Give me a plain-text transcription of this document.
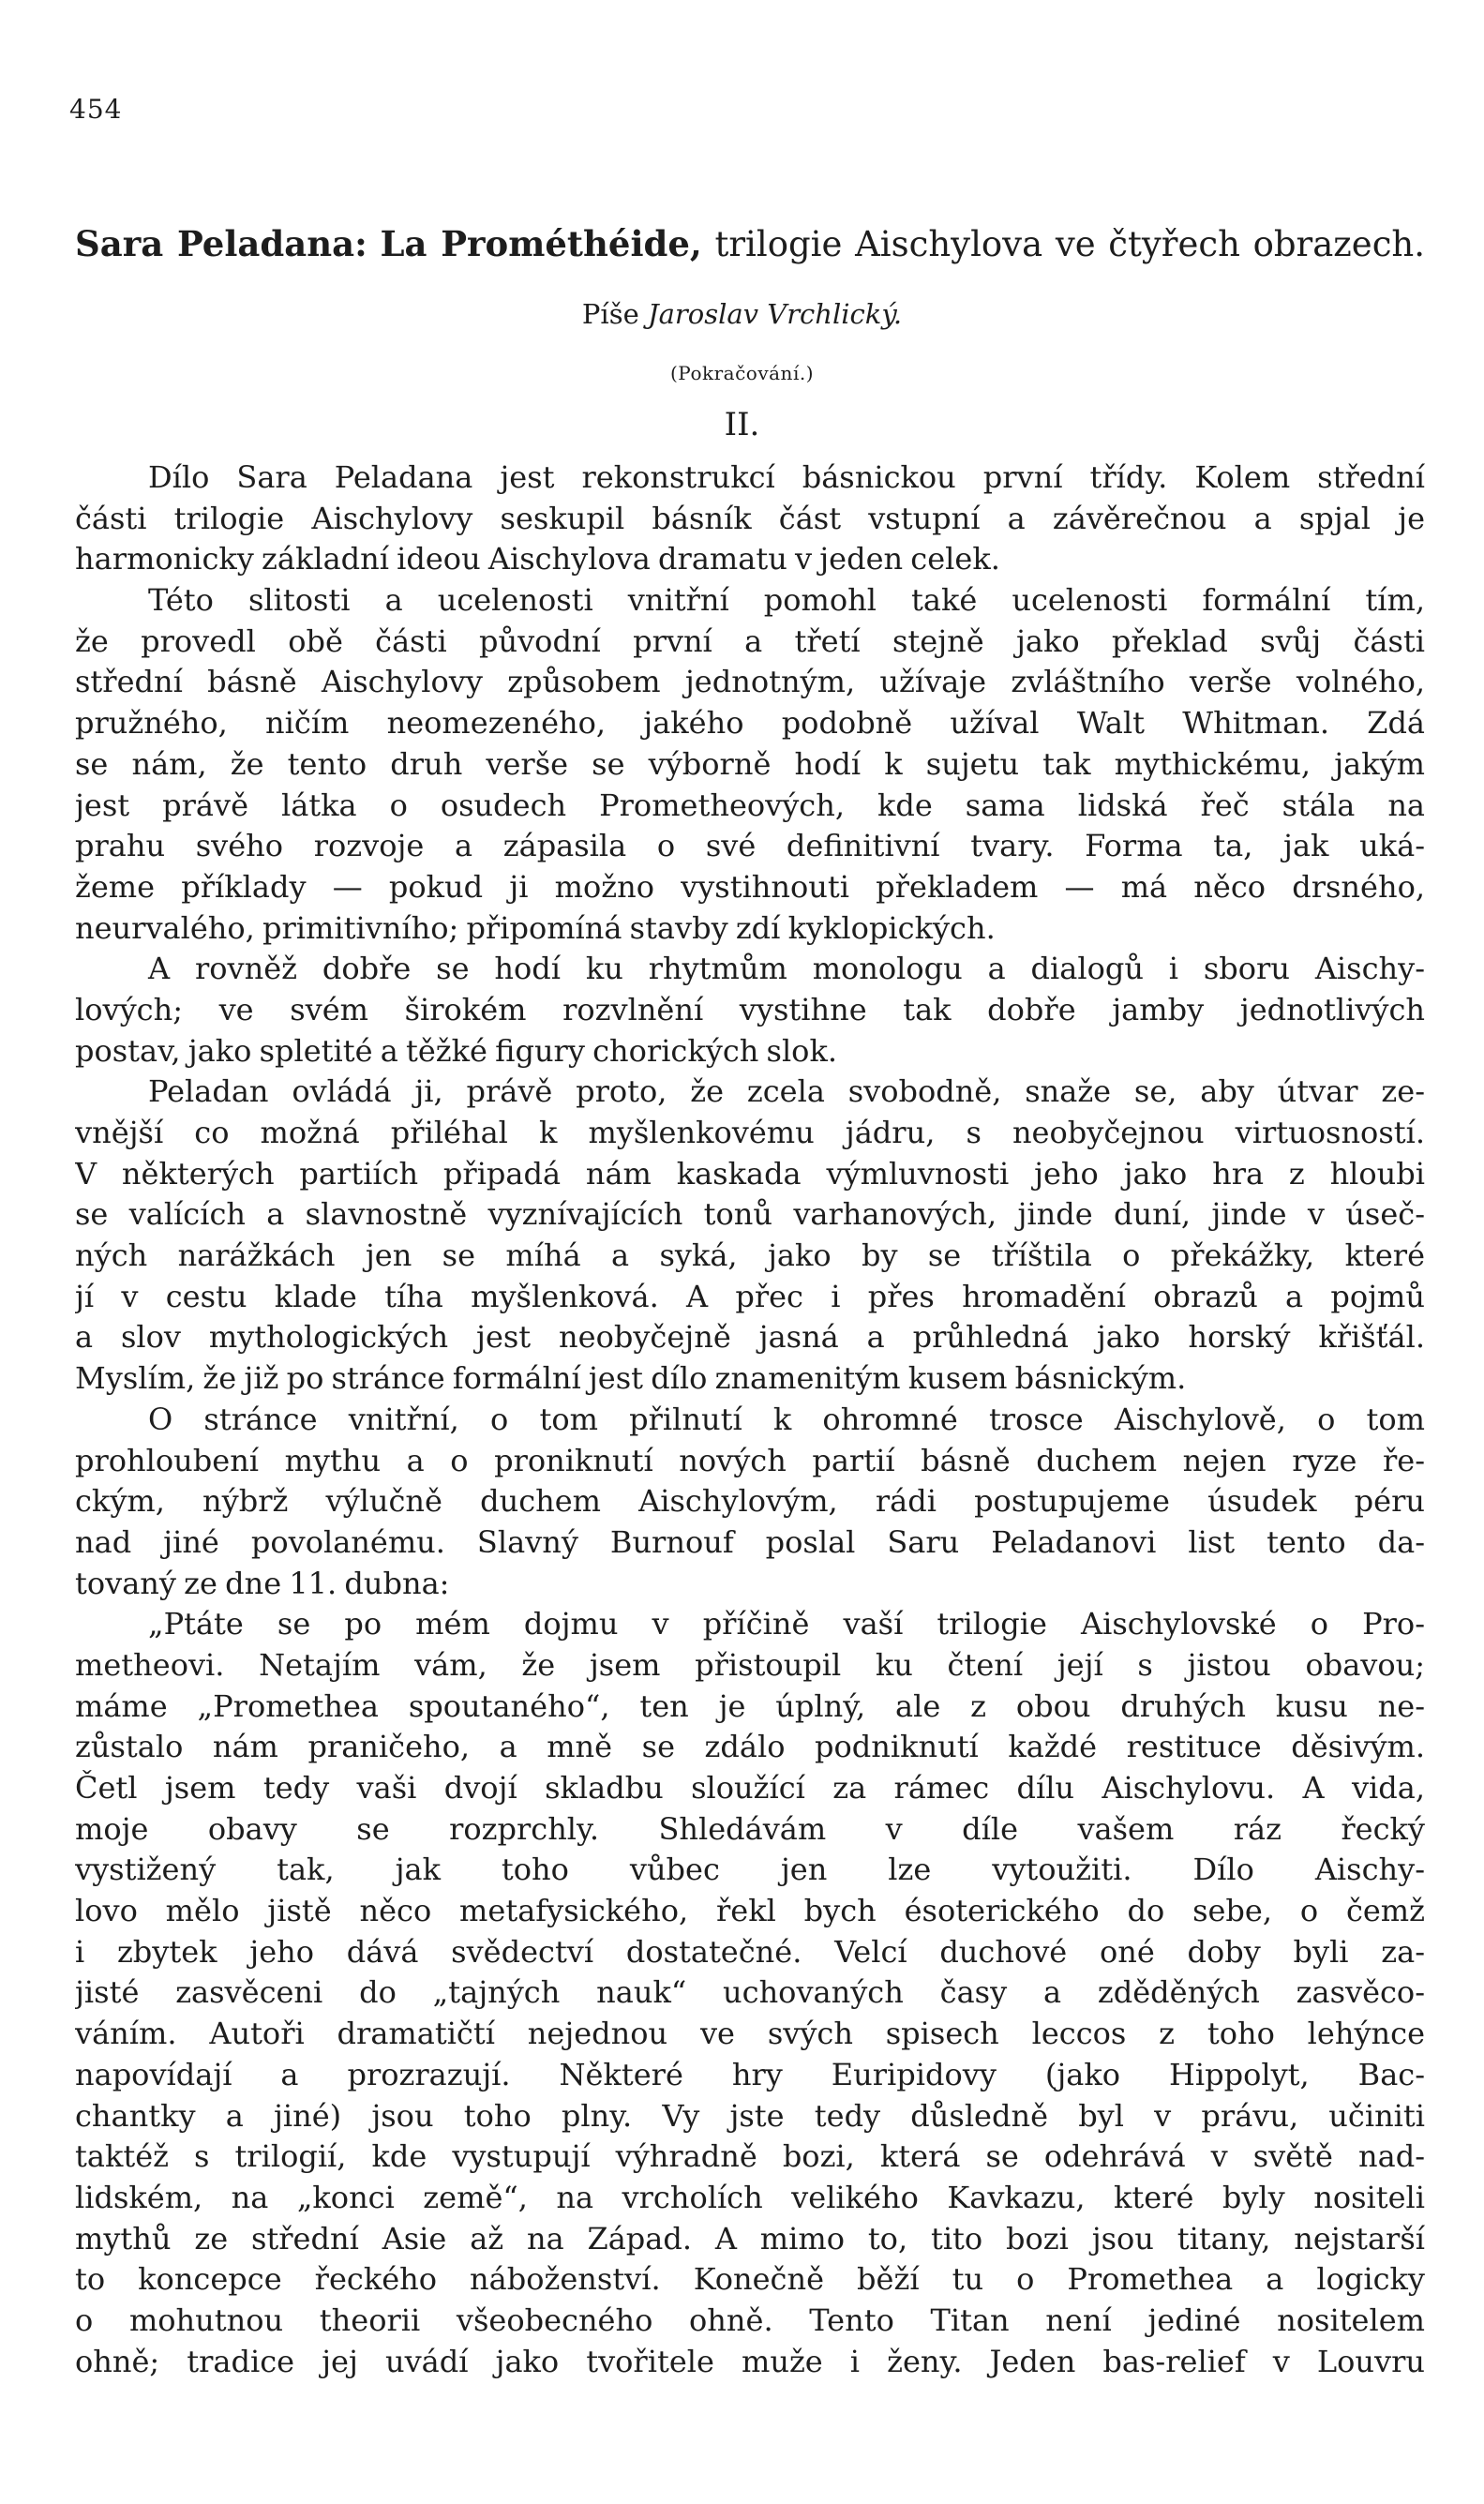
454
Sara Peladana: La Prométhéide, trilogie Aischylova ve čtyřech obrazech.
Píše Jaroslav Vrchlický.
(Pokračování.)
II.
Dílo Sara Peladana jest rekonstrukcí básnickou první třídy. Kolem střední
části trilogie Aischylovy seskupil básník část vstupní a závěrečnou a spjal je
harmonicky základní ideou Aischylova dramatu v jeden celek.
Této slitosti a ucelenosti vnitřní pomohl také ucelenosti formální tím,
že provedl obě části původní první a třetí stejně jako překlad svůj části
střední básně Aischylovy způsobem jednotným, užívaje zvláštního verše volného,
pružného, ničím neomezeného, jakého podobně užíval Walt Whitman. Zdá
se nám, že tento druh verše se výborně hodí k sujetu tak mythickému, jakým
jest právě látka o osudech Prometheových, kde sama lidská řeč stála na
prahu svého rozvoje a zápasila o své definitivní tvary. Forma ta, jak uká-
žeme příklady — pokud ji možno vystihnouti překladem — má něco drsného,
neurvalého, primitivního; připomíná stavby zdí kyklopických.
A rovněž dobře se hodí ku rhytmům monologu a dialogů i sboru Aischy-
lových; ve svém širokém rozvlnění vystihne tak dobře jamby jednotlivých
postav, jako spletité a těžké figury chorických slok.
Peladan ovládá ji, právě proto, že zcela svobodně, snaže se, aby útvar ze-
vnější co možná přiléhal k myšlenkovému jádru, s neobyčejnou virtuosností.
V některých partiích připadá nám kaskada výmluvnosti jeho jako hra z hloubi
se valících a slavnostně vyznívajících tonů varhanových, jinde duní, jinde v úseč-
ných narážkách jen se míhá a syká, jako by se tříštila o překážky, které
jí v cestu klade tíha myšlenková. A přec i přes hromadění obrazů a pojmů
a slov mythologických jest neobyčejně jasná a průhledná jako horský křišťál.
Myslím, že již po stránce formální jest dílo znamenitým kusem básnickým.
O stránce vnitřní, o tom přilnutí k ohromné trosce Aischylově, o tom
prohloubení mythu a o proniknutí nových partií básně duchem nejen ryze ře-
ckým, nýbrž výlučně duchem Aischylovým, rádi postupujeme úsudek péru
nad jiné povolanému. Slavný Burnouf poslal Saru Peladanovi list tento da-
tovaný ze dne 11. dubna:
„Ptáte se po mém dojmu v příčině vaší trilogie Aischylovské o Pro-
metheovi. Netajím vám, že jsem přistoupil ku čtení její s jistou obavou;
máme „Promethea spoutaného“, ten je úplný, ale z obou druhých kusu ne-
zůstalo nám praničeho, a mně se zdálo podniknutí každé restituce děsivým.
Četl jsem tedy vaši dvojí skladbu sloužící za rámec dílu Aischylovu. A vida,
moje obavy se rozprchly. Shledávám v díle vašem ráz řecký
vystižený tak, jak toho vůbec jen lze vytoužiti. Dílo Aischy-
lovo mělo jistě něco metafysického, řekl bych ésoterického do sebe, o čemž
i zbytek jeho dává svědectví dostatečné. Velcí duchové oné doby byli za-
jisté zasvěceni do „tajných nauk“ uchovaných časy a zděděných zasvěco-
váním. Autoři dramatičtí nejednou ve svých spisech leccos z toho lehýnce
napovídají a prozrazují. Některé hry Euripidovy (jako Hippolyt, Bac-
chantky a jiné) jsou toho plny. Vy jste tedy důsledně byl v právu, učiniti
taktéž s trilogií, kde vystupují výhradně bozi, která se odehrává v světě nad-
lidském, na „konci země“, na vrcholích velikého Kavkazu, které byly nositeli
mythů ze střední Asie až na Západ. A mimo to, tito bozi jsou titany, nejstarší
to koncepce řeckého náboženství. Konečně běží tu o Promethea a logicky
o mohutnou theorii všeobecného ohně. Tento Titan není jediné nositelem
ohně; tradice jej uvádí jako tvořitele muže i ženy. Jeden bas-relief v Louvru
